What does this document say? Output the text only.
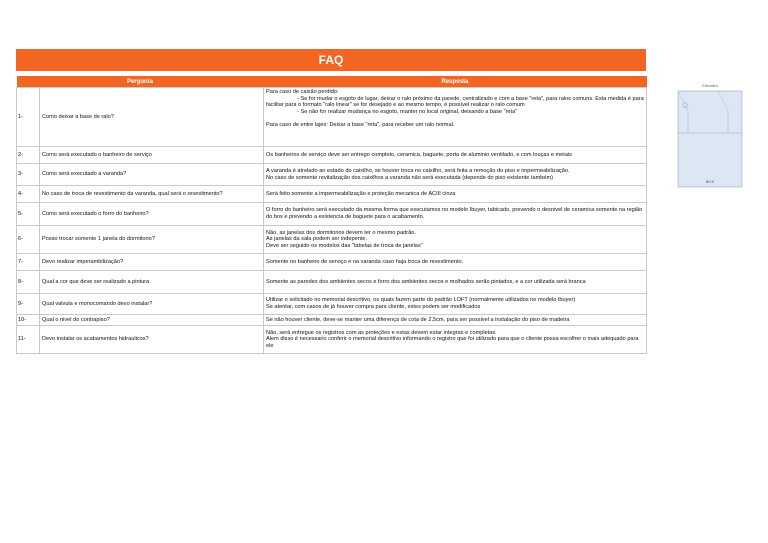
FAQ
Pergunta		Resposta
1-	Como deixar a base de ralo?	Para caso de caixão perdido:
- Se for mudar o esgoto de lugar, deixar o ralo próximo da parede, centralizado e com a base "reta", para ralos comuns. Esta medida é para facilitar para o formato "ralo linear" se for desejado e ao mesmo tempo, é possível realizar o ralo comum
- Se não for realizar mudança no esgoto, manter no local original, deixando a base "reta"

Para caso de entre lajes: Deixar a base "reta", para receber um ralo normal.
2-	Como será executado o banheiro de serviço	Os banheiros de serviço deve ser entrego completo, ceramica, baguete, porta de aluminio ventilado, e com louças e metais
3-	Como será executado a varanda?	A varanda é atrelado ao estado do caixilho, se houver troca no caixilho, será feita a remoção do piso e impermeabilização.
No caso de somente revitalização dos caixilhos a varanda não será executada (depende do piso existente também)
4-	No caso de troca de revestimento da varanda, qual será o revestimento?	Será feito somente a impermeabilização e proteção mecanica de ACIII cinza
5-	Como será executado o forro do banheiro?	O forro do banheiro será executado da mesma forma que executamos no modelo Ibuyer, tabicado, prevendo o desnivel de ceramica somente na região do box e prevendo a existencia de baguete para o acabamento.
6-	Posso trocar somente 1 janela do dormitorio?	Não, as janelas dos dormitorios devem ter o mesmo padrão.
As janelas da sala podem ser indepente.
Deve ser seguido os modelos das "tabelas de troca de janelas"
7-	Devo realizar imperambilização?	Somente no banheiro de serviço e na varanda caso haja troca de revestimento.
8-	Qual a cor que deve ser realizado a pintura	Somente as paredes dos ambientes secos e forro dos ambientes secos e molhados serão pintados, e a cor utilizada será branca
9-	Qual valvula e monocomando devo instalar?	Utilizar o solicitado no memorial descritivo, os quais fazem parte do padrão LOFT (normalmente utilizados no modelo Ibuyer)
Se atentar, com casos de já houver compra para cliente, estes podem ser modificados
10-	Qual o nivel do contrapiso?	Se não houver cliente, deve-se manter uma diferença de cota de 2,5cm, para ser possivel a instalação do piso de madeira
11-	Devo instalar os acabamentos hidraulicos?	Não, será entregue os registros com as proteções e estas devem estar integras e completas.
Alem disso é necessario conferir o memorial descritivo informando o registro que foi utilizado para que o cliente possa escolher o mais adequado para ele
Chuveiro
BOX
